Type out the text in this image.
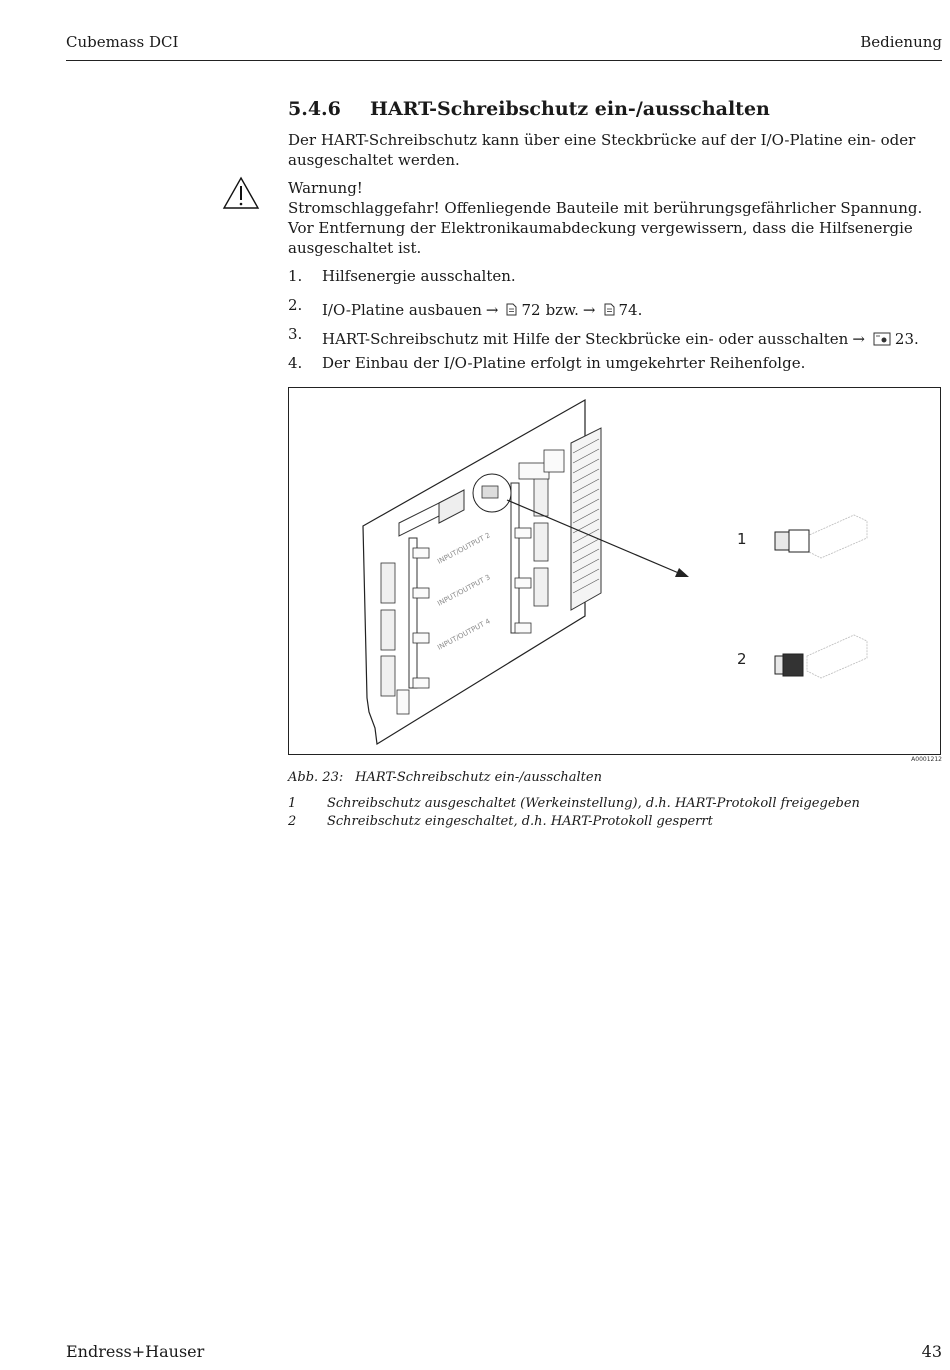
Cubemass DCI	Bedienung
5.4.6	HART-Schreibschutz ein-/ausschalten

Der HART-Schreibschutz kann über eine Steckbrücke auf der I/O-Platine ein- oder ausgeschaltet werden.

Warnung!
Stromschlaggefahr! Offenliegende Bauteile mit berührungsgefährlicher Spannung.
Vor Entfernung der Elektronikaumabdeckung vergewissern, dass die Hilfsenergie ausgeschaltet ist.
1.	Hilfsenergie ausschalten.
2.	I/O-Platine ausbauen → 72 bzw. → 74.
3.	HART-Schreibschutz mit Hilfe der Steckbrücke ein- oder ausschalten → 23.
4.	Der Einbau der I/O-Platine erfolgt in umgekehrter Reihenfolge.
INPUT/OUTPUT 2
INPUT/OUTPUT 3
INPUT/OUTPUT 4
1
2
A0001212
Abb. 23: HART-Schreibschutz ein-/ausschalten
1	Schreibschutz ausgeschaltet (Werkeinstellung), d.h. HART-Protokoll freigegeben
2	Schreibschutz eingeschaltet, d.h. HART-Protokoll gesperrt
Endress+Hauser	43
